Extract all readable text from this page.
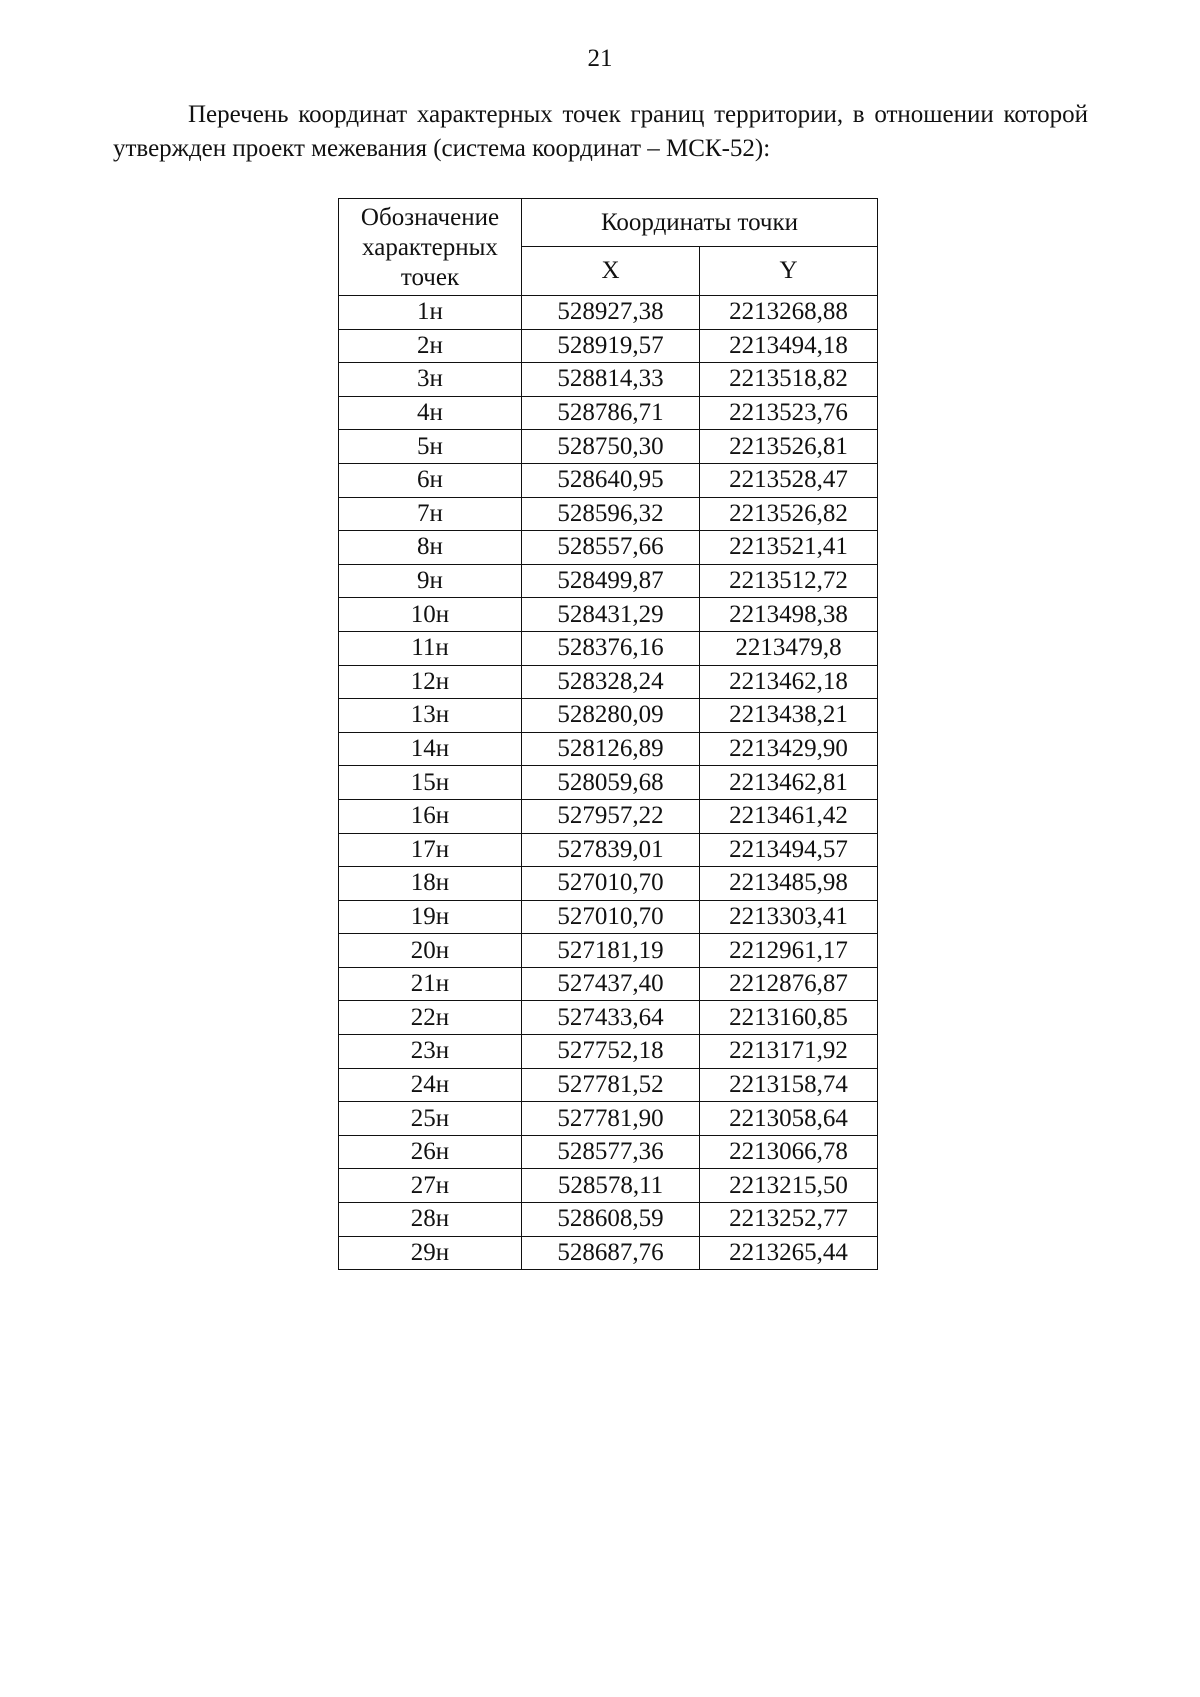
21

Перечень координат характерных точек границ территории, в отношении которой утвержден проект межевания (система координат – МСК-52):

Обозначение характерных точек	Координаты точки	
	X	Y
1н	528927,38	2213268,88
2н	528919,57	2213494,18
3н	528814,33	2213518,82
4н	528786,71	2213523,76
5н	528750,30	2213526,81
6н	528640,95	2213528,47
7н	528596,32	2213526,82
8н	528557,66	2213521,41
9н	528499,87	2213512,72
10н	528431,29	2213498,38
11н	528376,16	2213479,8
12н	528328,24	2213462,18
13н	528280,09	2213438,21
14н	528126,89	2213429,90
15н	528059,68	2213462,81
16н	527957,22	2213461,42
17н	527839,01	2213494,57
18н	527010,70	2213485,98
19н	527010,70	2213303,41
20н	527181,19	2212961,17
21н	527437,40	2212876,87
22н	527433,64	2213160,85
23н	527752,18	2213171,92
24н	527781,52	2213158,74
25н	527781,90	2213058,64
26н	528577,36	2213066,78
27н	528578,11	2213215,50
28н	528608,59	2213252,77
29н	528687,76	2213265,44
